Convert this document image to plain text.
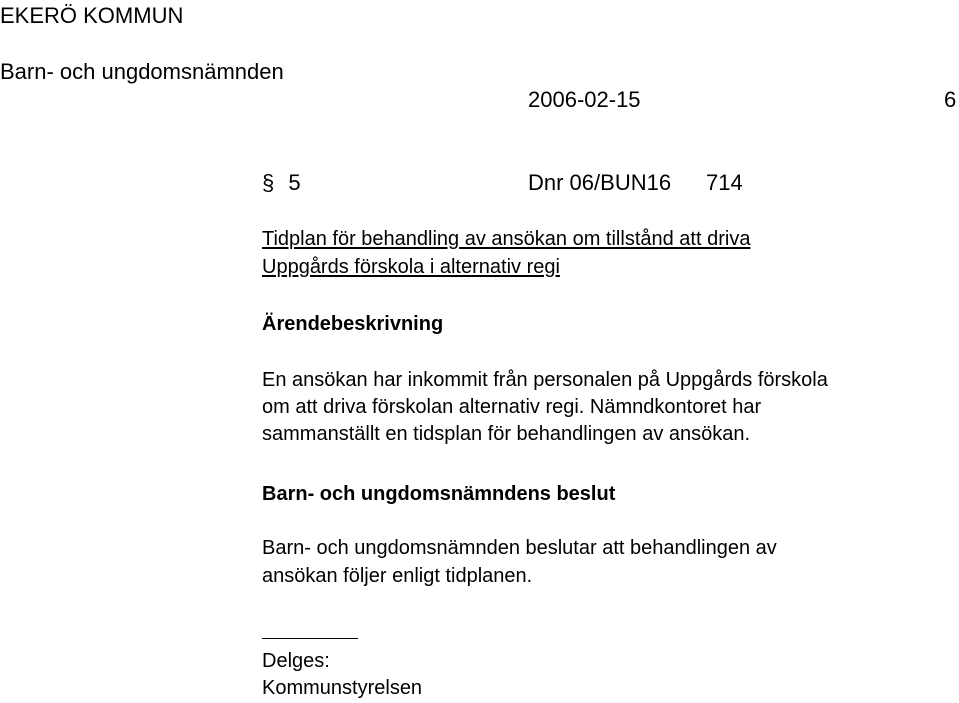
EKERÖ KOMMUN
Barn- och ungdomsnämnden
2006-02-15	6
§ 5	Dnr 06/BUN16 714
Tidplan för behandling av ansökan om tillstånd att driva
Uppgårds förskola i alternativ regi
Ärendebeskrivning
En ansökan har inkommit från personalen på Uppgårds förskola
om att driva förskolan alternativ regi. Nämndkontoret har
sammanställt en tidsplan för behandlingen av ansökan.
Barn- och ungdomsnämndens beslut
Barn- och ungdomsnämnden beslutar att behandlingen av
ansökan följer enligt tidplanen.
Delges:
Kommunstyrelsen
